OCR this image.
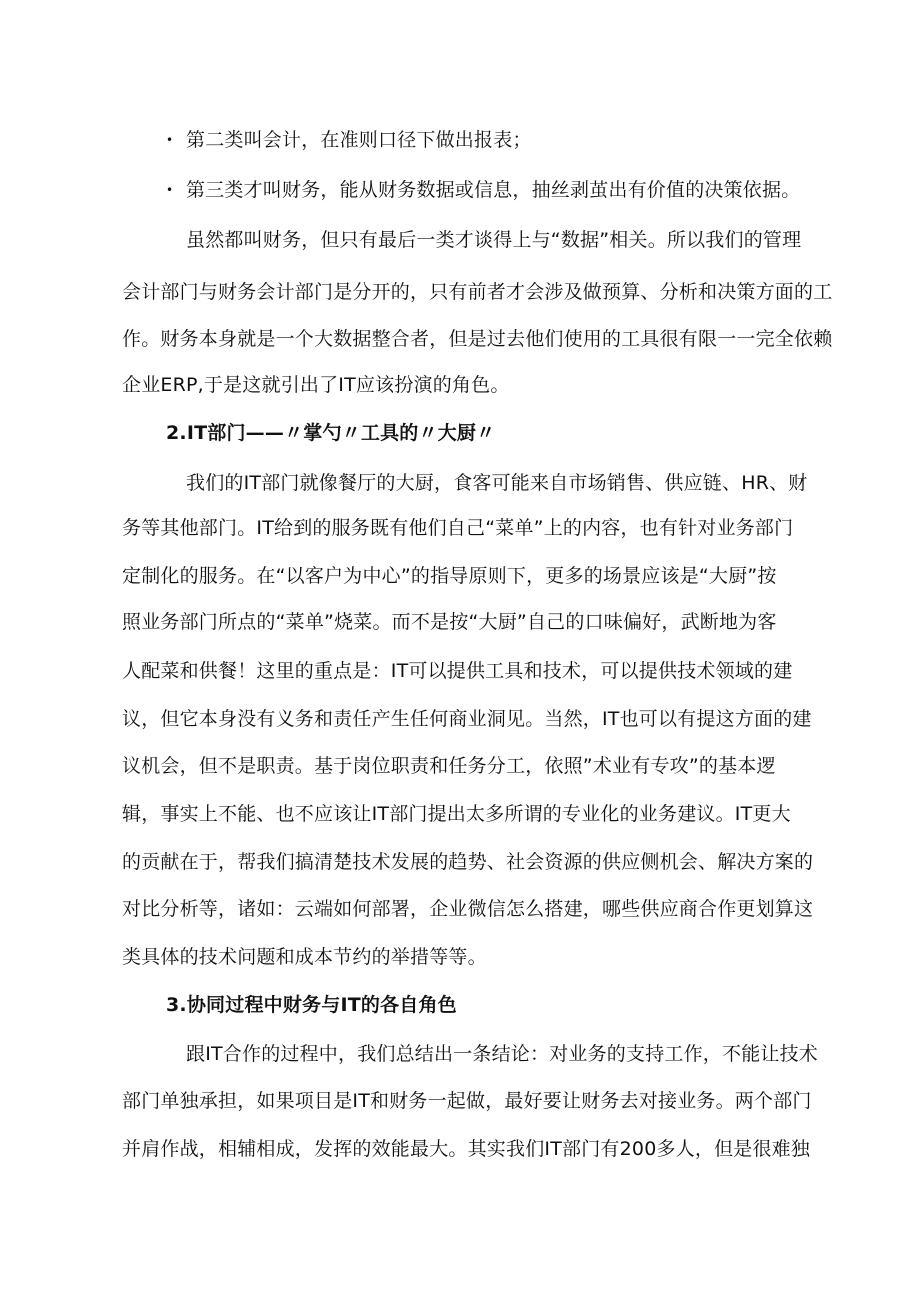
• 第二类叫会计，在准则口径下做出报表；
• 第三类才叫财务，能从财务数据或信息，抽丝剥茧出有价值的决策依据。
虽然都叫财务，但只有最后一类才谈得上与“数据”相关。所以我们的管理
会计部门与财务会计部门是分开的，只有前者才会涉及做预算、分析和决策方面的工
作。财务本身就是一个大数据整合者，但是过去他们使用的工具很有限一一完全依赖
企业ERP,于是这就引出了IT应该扮演的角色。
2.IT部门——〃掌勺〃工具的〃大厨〃
我们的IT部门就像餐厅的大厨，食客可能来自市场销售、供应链、HR、财
务等其他部门。IT给到的服务既有他们自己“菜单”上的内容，也有针对业务部门
定制化的服务。在“以客户为中心”的指导原则下，更多的场景应该是“大厨”按
照业务部门所点的“菜单”烧菜。而不是按“大厨”自己的口味偏好，武断地为客
人配菜和供餐！这里的重点是：IT可以提供工具和技术，可以提供技术领域的建
议，但它本身没有义务和责任产生任何商业洞见。当然，IT也可以有提这方面的建
议机会，但不是职责。基于岗位职责和任务分工，依照”术业有专攻”的基本逻
辑，事实上不能、也不应该让IT部门提出太多所谓的专业化的业务建议。IT更大
的贡献在于，帮我们搞清楚技术发展的趋势、社会资源的供应侧机会、解决方案的
对比分析等，诸如：云端如何部署，企业微信怎么搭建，哪些供应商合作更划算这
类具体的技术问题和成本节约的举措等等。
3.协同过程中财务与IT的各自角色
跟IT合作的过程中，我们总结出一条结论：对业务的支持工作，不能让技术
部门单独承担，如果项目是IT和财务一起做，最好要让财务去对接业务。两个部门
并肩作战，相辅相成，发挥的效能最大。其实我们IT部门有200多人，但是很难独
